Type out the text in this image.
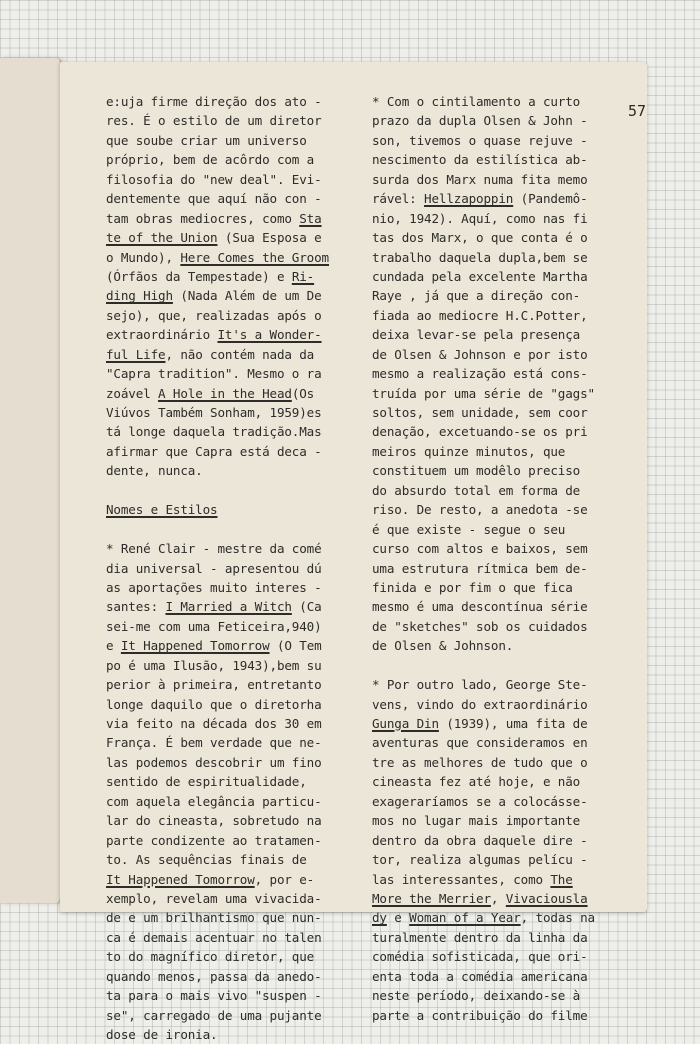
57
e:uja firme direção dos ato -
res. É o estilo de um diretor
que soube criar um universo
próprio, bem de acôrdo com a
filosofia do "new deal". Evi-
dentemente que aquí não con -
tam obras mediocres, como Sta
te of the Union (Sua Esposa e
o Mundo), Here Comes the Groom
(Órfãos da Tempestade) e Ri-
ding High (Nada Além de um De
sejo), que, realizadas após o
extraordinário It's a Wonder-
ful Life, não contém nada da
"Capra tradition". Mesmo o ra
zoável A Hole in the Head(Os
Viúvos Também Sonham, 1959)es
tá longe daquela tradição.Mas
afirmar que Capra está deca -
dente, nunca.
Nomes e Estilos
* René Clair - mestre da comé
dia universal - apresentou dú
as aportações muito interes -
santes: I Married a Witch (Ca
sei-me com uma Feticeira,940)
e It Happened Tomorrow (O Tem
po é uma Ilusão, 1943),bem su
perior à primeira, entretanto
longe daquilo que o diretorha
via feito na década dos 30 em
França. É bem verdade que ne-
las podemos descobrir um fino
sentido de espiritualidade,
com aquela elegância particu-
lar do cineasta, sobretudo na
parte condizente ao tratamen-
to. As sequências finais de
It Happened Tomorrow, por e-
xemplo, revelam uma vivacida-
de e um brilhantismo que nun-
ca é demais acentuar no talen
to do magnífico diretor, que
quando menos, passa da anedo-
ta para o mais vivo "suspen -
se", carregado de uma pujante
dose de ironia.
* Com o cintilamento a curto
prazo da dupla Olsen & John -
son, tivemos o quase rejuve -
nescimento da estilística ab-
surda dos Marx numa fita memo
rável: Hellzapoppin (Pandemô-
nio, 1942). Aquí, como nas fi
tas dos Marx, o que conta é o
trabalho daquela dupla,bem se
cundada pela excelente Martha
Raye , já que a direção con-
fiada ao mediocre H.C.Potter,
deixa levar-se pela presença
de Olsen & Johnson e por isto
mesmo a realização está cons-
truída por uma série de "gags"
soltos, sem unidade, sem coor
denação, excetuando-se os pri
meiros quinze minutos, que
constituem um modêlo preciso
do absurdo total em forma de
riso. De resto, a anedota -se
é que existe - segue o seu
curso com altos e baixos, sem
uma estrutura rítmica bem de-
finida e por fim o que fica
mesmo é uma descontínua série
de "sketches" sob os cuidados
de Olsen & Johnson.
* Por outro lado, George Ste-
vens, vindo do extraordinário
Gunga Din (1939), uma fita de
aventuras que consideramos en
tre as melhores de tudo que o
cineasta fez até hoje, e não
exageraríamos se a colocásse-
mos no lugar mais importante
dentro da obra daquele dire -
tor, realiza algumas pelícu -
las interessantes, como The
More the Merrier, Vivaciousla
dy e Woman of a Year, todas na
turalmente dentro da linha da
comédia sofisticada, que ori-
enta toda a comédia americana
neste período, deixando-se à
parte a contribuição do filme
